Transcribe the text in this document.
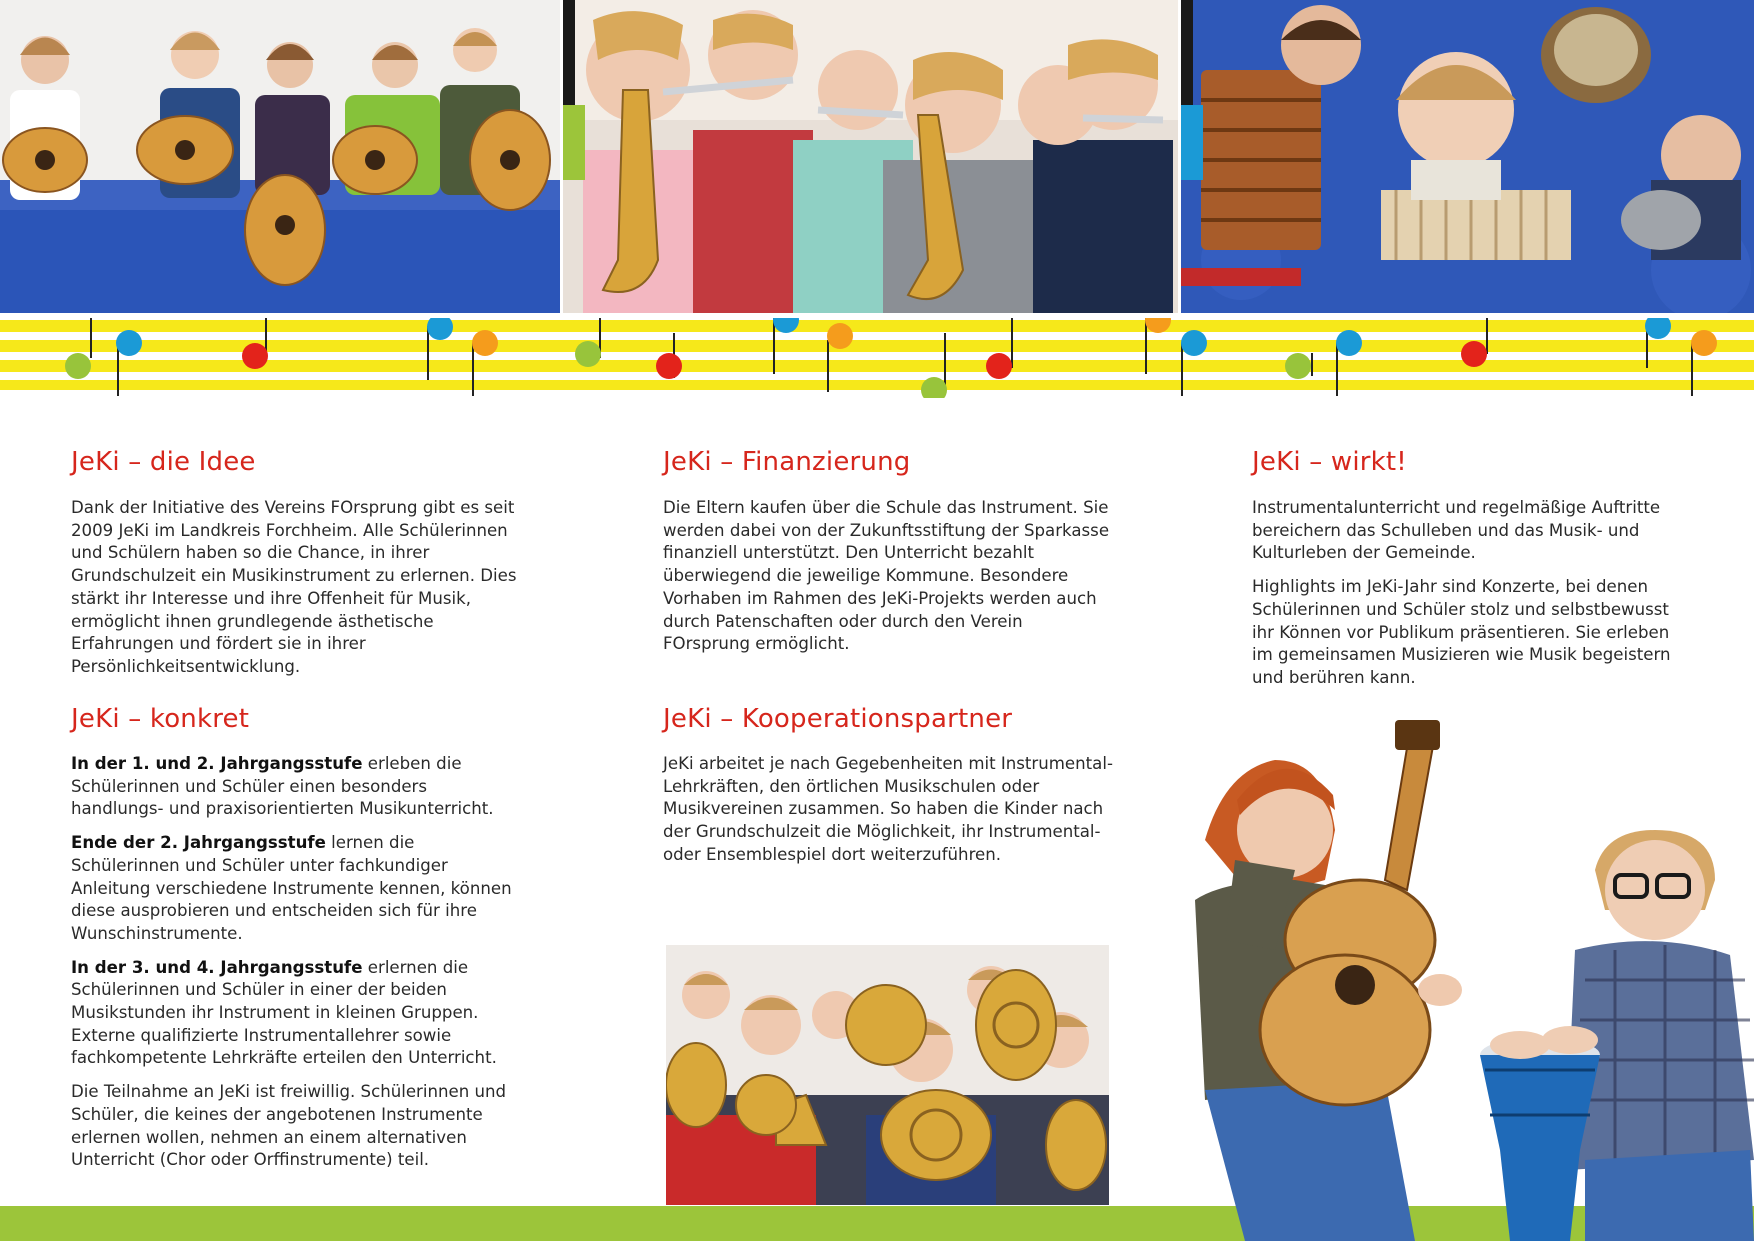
JeKi – die Idee

Dank der Initiative des Vereins FOrsprung gibt es seit 2009 JeKi im Landkreis Forchheim. Alle Schülerinnen und Schülern haben so die Chance, in ihrer Grundschulzeit ein Musikinstrument zu erlernen. Dies stärkt ihr Interesse und ihre Offenheit für Musik, ermöglicht ihnen grundlegende ästhetische Erfahrungen und fördert sie in ihrer Persönlichkeitsentwicklung.

JeKi – konkret

In der 1. und 2. Jahrgangsstufe erleben die Schülerinnen und Schüler einen besonders handlungs- und praxisorientierten Musikunterricht.

Ende der 2. Jahrgangsstufe lernen die Schülerinnen und Schüler unter fachkundiger Anleitung verschiedene Instrumente kennen, können diese ausprobieren und entscheiden sich für ihre Wunschinstrumente.

In der 3. und 4. Jahrgangsstufe erlernen die Schülerinnen und Schüler in einer der beiden Musikstunden ihr Instrument in kleinen Gruppen. Externe qualifizierte Instrumentallehrer sowie fachkompetente Lehrkräfte erteilen den Unterricht.

Die Teilnahme an JeKi ist freiwillig. Schülerinnen und Schüler, die keines der angebotenen Instrumente erlernen wollen, nehmen an einem alternativen Unterricht (Chor oder Orffinstrumente) teil.

JeKi – Finanzierung

Die Eltern kaufen über die Schule das Instrument. Sie werden dabei von der Zukunftsstiftung der Sparkasse finanziell unterstützt. Den Unterricht bezahlt überwiegend die jeweilige Kommune. Besondere Vorhaben im Rahmen des JeKi-Projekts werden auch durch Patenschaften oder durch den Verein FOrsprung ermöglicht.

JeKi – Kooperationspartner

JeKi arbeitet je nach Gegebenheiten mit Instrumental-Lehrkräften, den örtlichen Musikschulen oder Musikvereinen zusammen. So haben die Kinder nach der Grundschulzeit die Möglichkeit, ihr Instrumental- oder Ensemblespiel dort weiterzuführen.

JeKi – wirkt!

Instrumentalunterricht und regelmäßige Auftritte bereichern das Schulleben und das Musik- und Kulturleben der Gemeinde.

Highlights im JeKi-Jahr sind Konzerte, bei denen Schülerinnen und Schüler stolz und selbstbewusst ihr Können vor Publikum präsentieren. Sie erleben im gemeinsamen Musizieren wie Musik begeistern und berühren kann.
